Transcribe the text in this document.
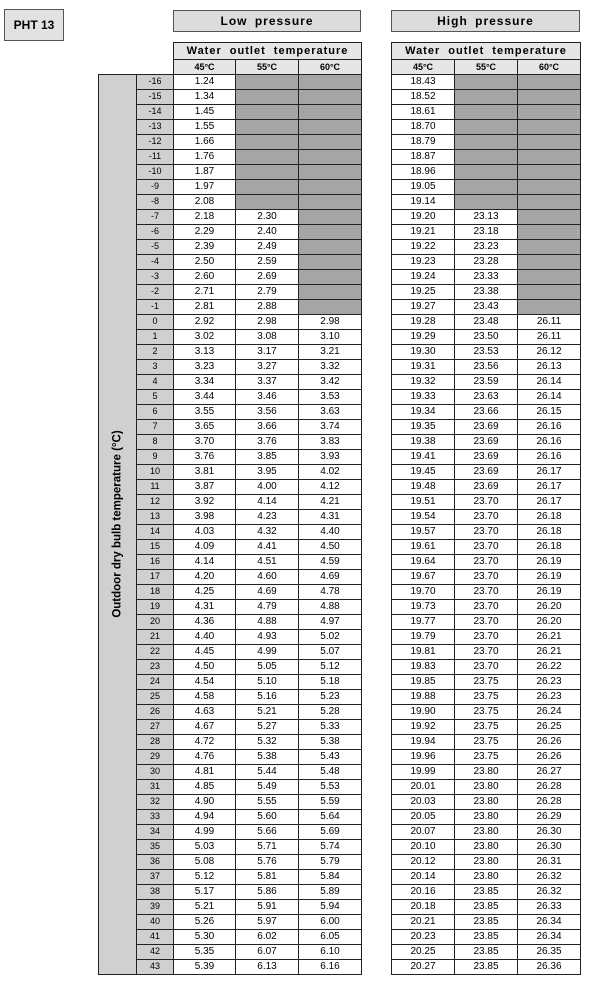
PHT 13	Low pressure	High pressure
		Water outlet temperature				Water outlet temperature		
		45°C	55°C	60°C		45°C	55°C	60°C

Outdoor dry bulb temperature (°C)	-16	1.24				18.43		
	-15	1.34				18.52		
	-14	1.45				18.61		
	-13	1.55				18.70		
	-12	1.66				18.79		
	-11	1.76				18.87		
	-10	1.87				18.96		
	-9	1.97				19.05		
	-8	2.08				19.14		
	-7	2.18	2.30			19.20	23.13	
	-6	2.29	2.40			19.21	23.18	
	-5	2.39	2.49			19.22	23.23	
	-4	2.50	2.59			19.23	23.28	
	-3	2.60	2.69			19.24	23.33	
	-2	2.71	2.79			19.25	23.38	
	-1	2.81	2.88			19.27	23.43	
	0	2.92	2.98	2.98		19.28	23.48	26.11
	1	3.02	3.08	3.10		19.29	23.50	26.11
	2	3.13	3.17	3.21		19.30	23.53	26.12
	3	3.23	3.27	3.32		19.31	23.56	26.13
	4	3.34	3.37	3.42		19.32	23.59	26.14
	5	3.44	3.46	3.53		19.33	23.63	26.14
	6	3.55	3.56	3.63		19.34	23.66	26.15
	7	3.65	3.66	3.74		19.35	23.69	26.16
	8	3.70	3.76	3.83		19.38	23.69	26.16
	9	3.76	3.85	3.93		19.41	23.69	26.16
	10	3.81	3.95	4.02		19.45	23.69	26.17
	11	3.87	4.00	4.12		19.48	23.69	26.17
	12	3.92	4.14	4.21		19.51	23.70	26.17
	13	3.98	4.23	4.31		19.54	23.70	26.18
	14	4.03	4.32	4.40		19.57	23.70	26.18
	15	4.09	4.41	4.50		19.61	23.70	26.18
	16	4.14	4.51	4.59		19.64	23.70	26.19
	17	4.20	4.60	4.69		19.67	23.70	26.19
	18	4.25	4.69	4.78		19.70	23.70	26.19
	19	4.31	4.79	4.88		19.73	23.70	26.20
	20	4.36	4.88	4.97		19.77	23.70	26.20
	21	4.40	4.93	5.02		19.79	23.70	26.21
	22	4.45	4.99	5.07		19.81	23.70	26.21
	23	4.50	5.05	5.12		19.83	23.70	26.22
	24	4.54	5.10	5.18		19.85	23.75	26.23
	25	4.58	5.16	5.23		19.88	23.75	26.23
	26	4.63	5.21	5.28		19.90	23.75	26.24
	27	4.67	5.27	5.33		19.92	23.75	26.25
	28	4.72	5.32	5.38		19.94	23.75	26.26
	29	4.76	5.38	5.43		19.96	23.75	26.26
	30	4.81	5.44	5.48		19.99	23.80	26.27
	31	4.85	5.49	5.53		20.01	23.80	26.28
	32	4.90	5.55	5.59		20.03	23.80	26.28
	33	4.94	5.60	5.64		20.05	23.80	26.29
	34	4.99	5.66	5.69		20.07	23.80	26.30
	35	5.03	5.71	5.74		20.10	23.80	26.30
	36	5.08	5.76	5.79		20.12	23.80	26.31
	37	5.12	5.81	5.84		20.14	23.80	26.32
	38	5.17	5.86	5.89		20.16	23.85	26.32
	39	5.21	5.91	5.94		20.18	23.85	26.33
	40	5.26	5.97	6.00		20.21	23.85	26.34
	41	5.30	6.02	6.05		20.23	23.85	26.34
	42	5.35	6.07	6.10		20.25	23.85	26.35
	43	5.39	6.13	6.16		20.27	23.85	26.36
